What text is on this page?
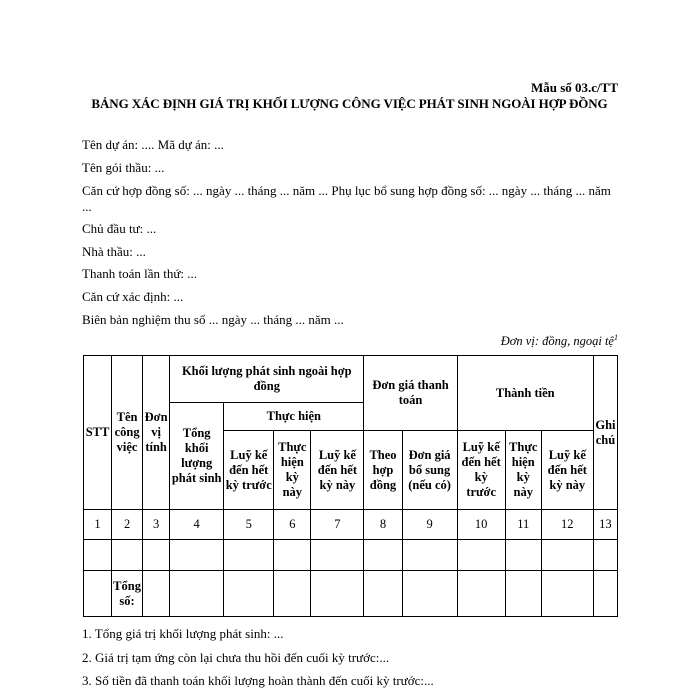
Mẫu số 03.c/TT
BẢNG XÁC ĐỊNH GIÁ TRỊ KHỐI LƯỢNG CÔNG VIỆC PHÁT SINH NGOÀI HỢP ĐỒNG
Tên dự án: .... Mã dự án: ...
Tên gói thầu: ...
Căn cứ hợp đồng số: ... ngày ... tháng ... năm ... Phụ lục bổ sung hợp đồng số: ... ngày ... tháng ... năm ...
Chủ đầu tư: ...
Nhà thầu: ...
Thanh toán lần thứ: ...
Căn cứ xác định: ...
Biên bản nghiệm thu số ... ngày ... tháng ... năm ...
Đơn vị: đồng, ngoại tệ$^1$
STT	Tên công việc	Đơn vị tính	Khối lượng phát sinh ngoài hợp đồng				Đơn giá thanh toán		Thành tiền			Ghi chú
			Tổng khối lượng phát sinh	Thực hiện								
				Luỹ kế đến hết kỳ trước	Thực hiện kỳ này	Luỹ kế đến hết kỳ này	Theo hợp đồng	Đơn giá bổ sung (nếu có)	Luỹ kế đến hết kỳ trước	Thực hiện kỳ này	Luỹ kế đến hết kỳ này	
1	2	3	4	5	6	7	8	9	10	11	12	13

	Tổng số:											
1. Tổng giá trị khối lượng phát sinh: ...
2. Giá trị tạm ứng còn lại chưa thu hồi đến cuối kỳ trước:...
3. Số tiền đã thanh toán khối lượng hoàn thành đến cuối kỳ trước:...
